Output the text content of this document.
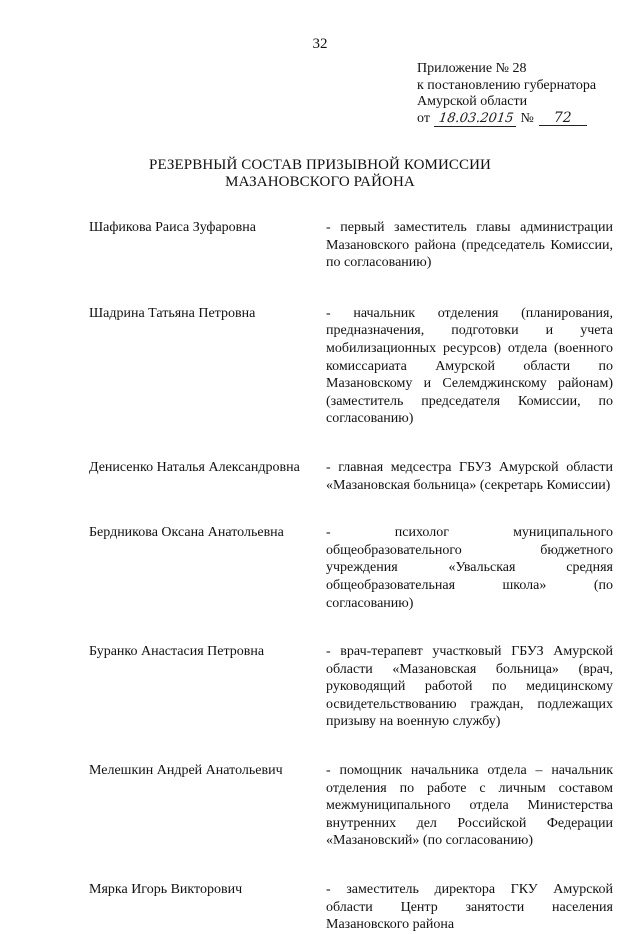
32
Приложение № 28
к постановлению губернатора
Амурской области
от 18.03.2015 № 72
РЕЗЕРВНЫЙ СОСТАВ ПРИЗЫВНОЙ КОМИССИИ
МАЗАНОВСКОГО РАЙОНА
Шафикова Раиса Зуфаровна	- первый заместитель главы администрации Мазановского района (председатель Комиссии, по согласованию)
Шадрина Татьяна Петровна	- начальник отделения (планирования, предназначения, подготовки и учета мобилизационных ресурсов) отдела (военного комиссариата Амурской области по Мазановскому и Селемджинскому районам) (заместитель председателя Комиссии, по согласованию)
Денисенко Наталья Александровна	- главная медсестра ГБУЗ Амурской области «Мазановская больница» (секретарь Комиссии)
Бердникова Оксана Анатольевна	- психолог муниципального общеобразовательного бюджетного учреждения «Увальская средняя общеобразовательная школа» (по согласованию)
Буранко Анастасия Петровна	- врач-терапевт участковый ГБУЗ Амурской области «Мазановская больница» (врач, руководящий работой по медицинскому освидетельствованию граждан, подлежащих призыву на военную службу)
Мелешкин Андрей Анатольевич	- помощник начальника отдела – начальник отделения по работе с личным составом межмуниципального отдела Министерства внутренних дел Российской Федерации «Мазановский» (по согласованию)
Мярка Игорь Викторович	- заместитель директора ГКУ Амурской области Центр занятости населения Мазановского района
